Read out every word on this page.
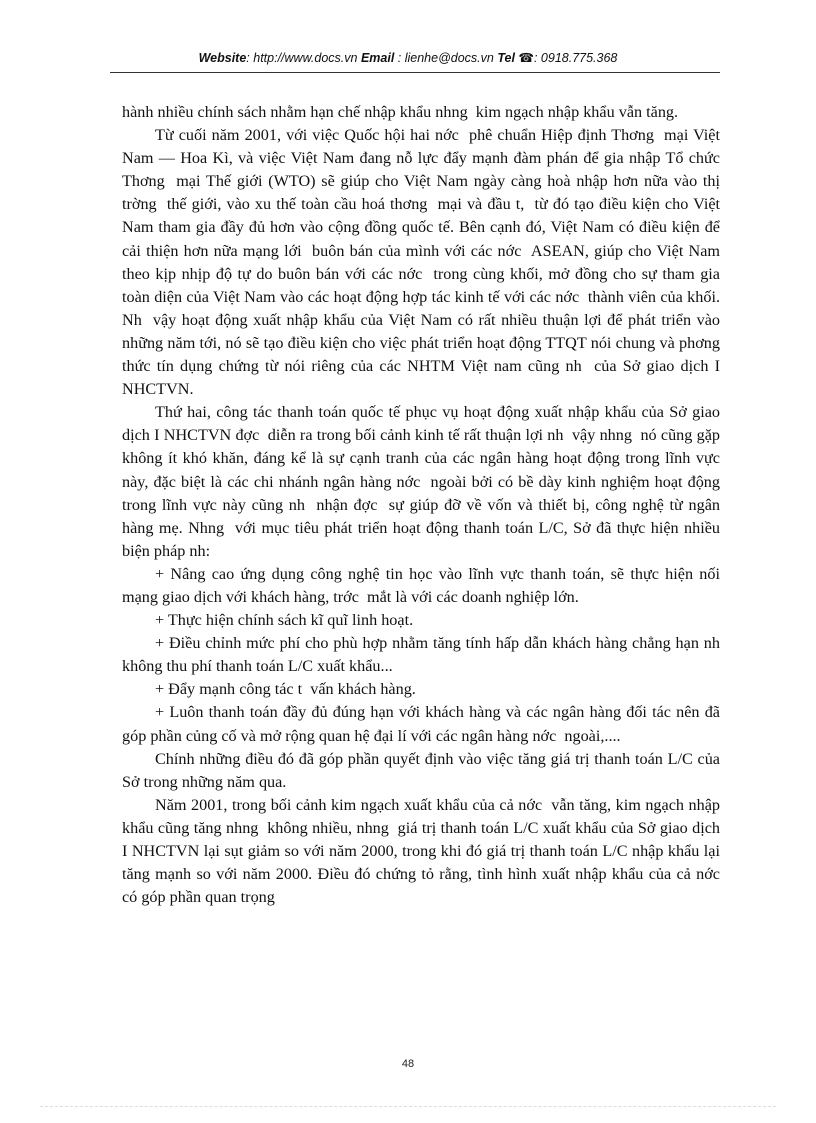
Website: http://www.docs.vn Email : lienhe@docs.vn Tel ☎: 0918.775.368

hành nhiều chính sách nhằm hạn chế nhập khẩu nhng  kim ngạch nhập khẩu vẫn tăng.

Từ cuối năm 2001, với việc Quốc hội hai nớc  phê chuẩn Hiệp định Thơng  mại Việt Nam — Hoa Kì, và việc Việt Nam đang nỗ lực đẩy mạnh đàm phán để gia nhập Tổ chức Thơng  mại Thế giới (WTO) sẽ giúp cho Việt Nam ngày càng hoà nhập hơn nữa vào thị trờng  thế giới, vào xu thế toàn cầu hoá thơng  mại và đầu t,  từ đó tạo điều kiện cho Việt Nam tham gia đầy đủ hơn vào cộng đồng quốc tế. Bên cạnh đó, Việt Nam có điều kiện để cải thiện hơn nữa mạng lới  buôn bán của mình với các nớc  ASEAN, giúp cho Việt Nam theo kịp nhịp độ tự do buôn bán với các nớc  trong cùng khối, mở đồng cho sự tham gia toàn diện của Việt Nam vào các hoạt động hợp tác kinh tế với các nớc  thành viên của khối. Nh  vậy hoạt động xuất nhập khẩu của Việt Nam có rất nhiều thuận lợi để phát triển vào những năm tới, nó sẽ tạo điều kiện cho việc phát triển hoạt động TTQT nói chung và phơng  thức tín dụng chứng từ nói riêng của các NHTM Việt nam cũng nh  của Sở giao dịch I NHCTVN.

Thứ hai, công tác thanh toán quốc tế phục vụ hoạt động xuất nhập khẩu của Sở giao dịch I NHCTVN đợc  diễn ra trong bối cảnh kinh tế rất thuận lợi nh  vậy nhng  nó cũng gặp không ít khó khăn, đáng kể là sự cạnh tranh của các ngân hàng hoạt động trong lĩnh vực này, đặc biệt là các chi nhánh ngân hàng nớc  ngoài bởi có bề dày kinh nghiệm hoạt động trong lĩnh vực này cũng nh  nhận đợc  sự giúp đỡ về vốn và thiết bị, công nghệ từ ngân hàng mẹ. Nhng  với mục tiêu phát triển hoạt động thanh toán L/C, Sở đã thực hiện nhiều biện pháp nh:

+ Nâng cao ứng dụng công nghệ tin học vào lĩnh vực thanh toán, sẽ thực hiện nối mạng giao dịch với khách hàng, trớc  mắt là với các doanh nghiệp lớn.

+ Thực hiện chính sách kĩ quĩ linh hoạt.

+ Điều chỉnh mức phí cho phù hợp nhằm tăng tính hấp dẫn khách hàng chẳng hạn nh  không thu phí thanh toán L/C xuất khẩu...

+ Đẩy mạnh công tác t  vấn khách hàng.

+ Luôn thanh toán đầy đủ đúng hạn với khách hàng và các ngân hàng đối tác nên đã góp phần củng cố và mở rộng quan hệ đại lí với các ngân hàng nớc  ngoài,....

Chính những điều đó đã góp phần quyết định vào việc tăng giá trị thanh toán L/C của Sở trong những năm qua.

Năm 2001, trong bối cảnh kim ngạch xuất khẩu của cả nớc  vẫn tăng, kim ngạch nhập khẩu cũng tăng nhng  không nhiều, nhng  giá trị thanh toán L/C xuất khẩu của Sở giao dịch I NHCTVN lại sụt giảm so với năm 2000, trong khi đó giá trị thanh toán L/C nhập khẩu lại tăng mạnh so với năm 2000. Điều đó chứng tỏ rằng, tình hình xuất nhập khẩu của cả nớc  có góp phần quan trọng

48
